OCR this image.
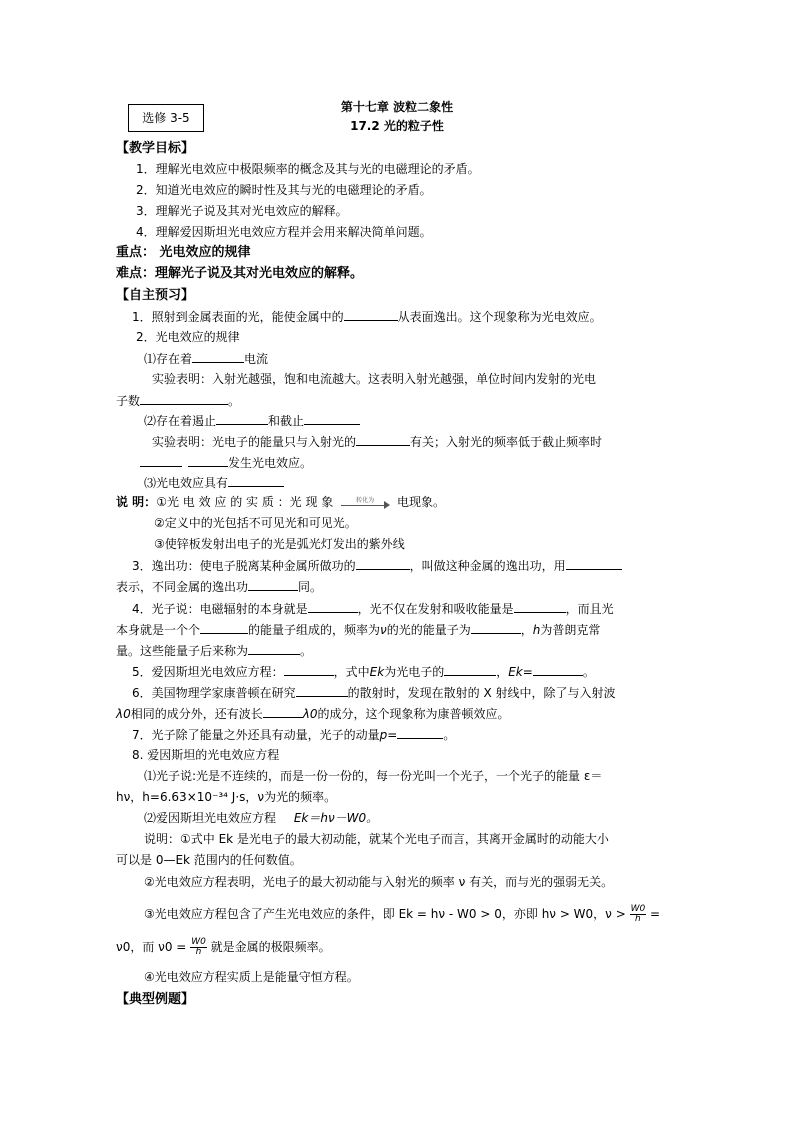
选修 3-5
第十七章 波粒二象性
17.2 光的粒子性
【教学目标】
1．理解光电效应中极限频率的概念及其与光的电磁理论的矛盾。
2．知道光电效应的瞬时性及其与光的电磁理论的矛盾。
3．理解光子说及其对光电效应的解释。
4．理解爱因斯坦光电效应方程并会用来解决简单问题。
重点： 光电效应的规律
难点：理解光子说及其对光电效应的解释。
【自主预习】
1．照射到金属表面的光，能使金属中的	从表面逸出。这个现象称为光电效应。
2．光电效应的规律
⑴存在着	电流
实验表明：入射光越强，饱和电流越大。这表明入射光越强，单位时间内发射的光电
子数	。
⑵存在着遏止	和截止
实验表明：光电子的能量只与入射光的	有关；入射光的频率低于截止频率时
发生光电效应。
⑶光电效应具有
说 明：①光 电 效 应 的 实 质 ：光 现 象	转化为	电现象。
②定义中的光包括不可见光和可见光。
③使锌板发射出电子的光是弧光灯发出的紫外线
3．逸出功：使电子脱离某种金属所做功的	，叫做这种金属的逸出功，用
表示，不同金属的逸出功	同。
4．光子说：电磁辐射的本身就是	，光不仅在发射和吸收能量是	，而且光
本身就是一个个	的能量子组成的，频率为ν的光的能量子为	，h为普朗克常
量。这些能量子后来称为	。
5．爱因斯坦光电效应方程：	，式中Ek为光电子的	，Ek=	。
6．美国物理学家康普顿在研究	的散射时，发现在散射的 X 射线中，除了与入射波
λ0相同的成分外，还有波长	λ0的成分，这个现象称为康普顿效应。
7．光子除了能量之外还具有动量，光子的动量p=	。
8. 爱因斯坦的光电效应方程
⑴光子说:光是不连续的，而是一份一份的，每一份光叫一个光子，一个光子的能量 ε＝
hν，h=6.63×10⁻³⁴ J·s，ν为光的频率。
⑵爱因斯坦光电效应方程 Ek＝hν－W0。
说明：①式中 Ek 是光电子的最大初动能，就某个光电子而言，其离开金属时的动能大小
可以是 0—Ek 范围内的任何数值。
②光电效应方程表明，光电子的最大初动能与入射光的频率 ν 有关，而与光的强弱无关。
③光电效应方程包含了产生光电效应的条件，即 Ek = hν - W0 > 0，亦即 hν > W0，$\nu > \frac{W0}{h}$ =
ν0，而 $\nu 0 = \frac{W0}{h}$ 就是金属的极限频率。
④光电效应方程实质上是能量守恒方程。
【典型例题】
